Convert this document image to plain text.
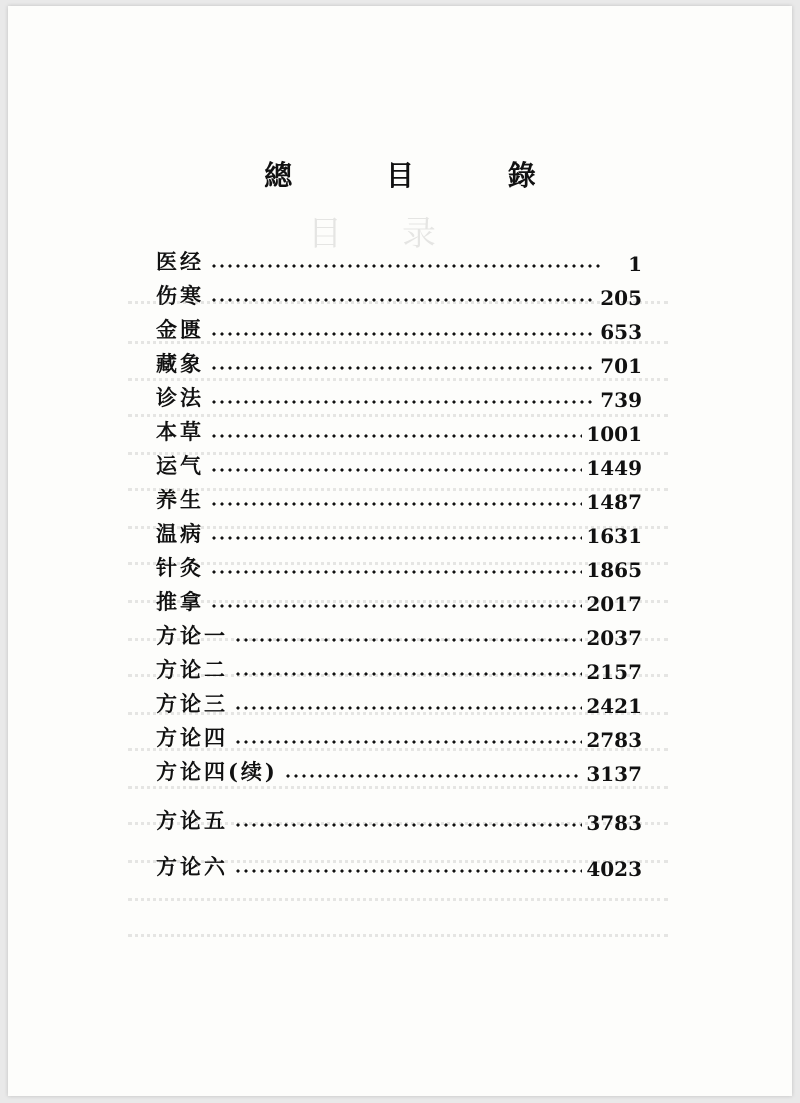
目录
總 目 錄
医经	1
伤寒	205
金匮	653
藏象	701
诊法	739
本草	1001
运气	1449
养生	1487
温病	1631
针灸	1865
推拿	2017
方论一	2037
方论二	2157
方论三	2421
方论四	2783
方论四(续)	3137
方论五	3783
方论六	4023
